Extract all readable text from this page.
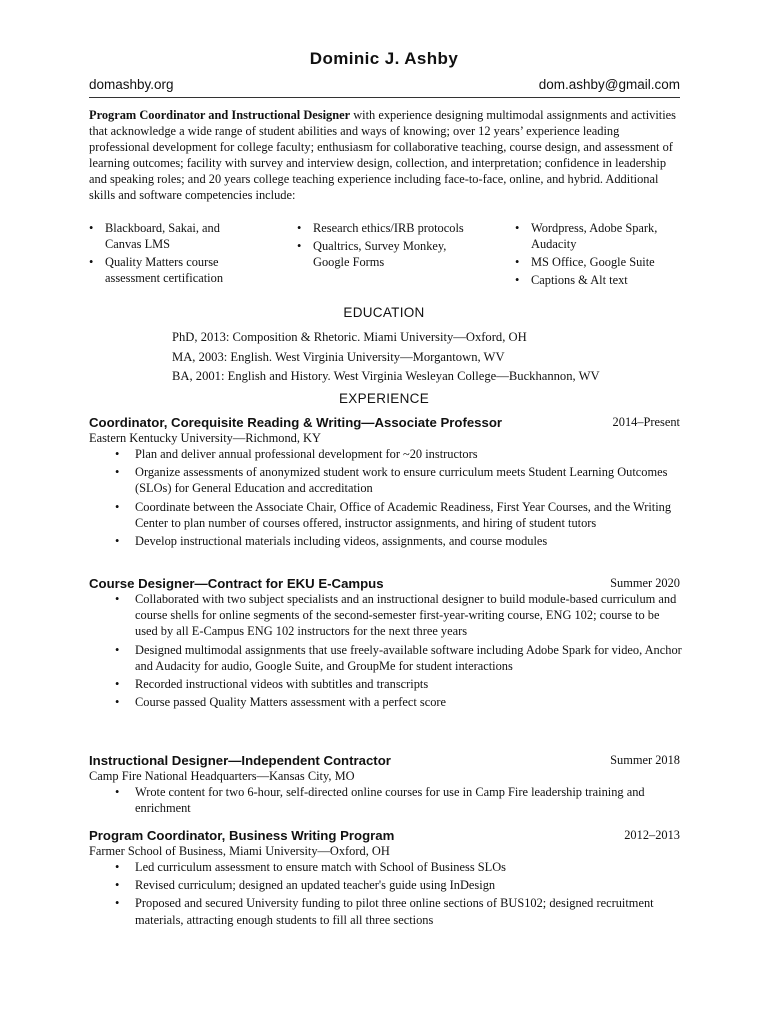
Dominic J. Ashby
domashby.org	dom.ashby@gmail.com
Program Coordinator and Instructional Designer with experience designing multimodal assignments and activities that acknowledge a wide range of student abilities and ways of knowing; over 12 years’ experience leading professional development for college faculty; enthusiasm for collaborative teaching, course design, and assessment of learning outcomes; facility with survey and interview design, collection, and interpretation; confidence in leadership and speaking roles; and 20 years college teaching experience including face-to-face, online, and hybrid. Additional skills and software competencies include:
• Blackboard, Sakai, and Canvas LMS
• Quality Matters course assessment certification
• Research ethics/IRB protocols
• Qualtrics, Survey Monkey, Google Forms
• Wordpress, Adobe Spark, Audacity
• MS Office, Google Suite
• Captions & Alt text
EDUCATION
PhD, 2013: Composition & Rhetoric. Miami University—Oxford, OH
MA, 2003: English. West Virginia University—Morgantown, WV
BA, 2001: English and History. West Virginia Wesleyan College—Buckhannon, WV
EXPERIENCE
Coordinator, Corequisite Reading & Writing—Associate Professor	2014–Present
Eastern Kentucky University—Richmond, KY
• Plan and deliver annual professional development for ~20 instructors
• Organize assessments of anonymized student work to ensure curriculum meets Student Learning Outcomes (SLOs) for General Education and accreditation
• Coordinate between the Associate Chair, Office of Academic Readiness, First Year Courses, and the Writing Center to plan number of courses offered, instructor assignments, and hiring of student tutors
• Develop instructional materials including videos, assignments, and course modules
Course Designer—Contract for EKU E-Campus	Summer 2020
• Collaborated with two subject specialists and an instructional designer to build module-based curriculum and course shells for online segments of the second-semester first-year-writing course, ENG 102; course to be used by all E-Campus ENG 102 instructors for the next three years
• Designed multimodal assignments that use freely-available software including Adobe Spark for video, Anchor and Audacity for audio, Google Suite, and GroupMe for student interactions
• Recorded instructional videos with subtitles and transcripts
• Course passed Quality Matters assessment with a perfect score
Instructional Designer—Independent Contractor	Summer 2018
Camp Fire National Headquarters—Kansas City, MO
• Wrote content for two 6-hour, self-directed online courses for use in Camp Fire leadership training and enrichment
Program Coordinator, Business Writing Program	2012–2013
Farmer School of Business, Miami University—Oxford, OH
• Led curriculum assessment to ensure match with School of Business SLOs
• Revised curriculum; designed an updated teacher's guide using InDesign
• Proposed and secured University funding to pilot three online sections of BUS102; designed recruitment materials, attracting enough students to fill all three sections
